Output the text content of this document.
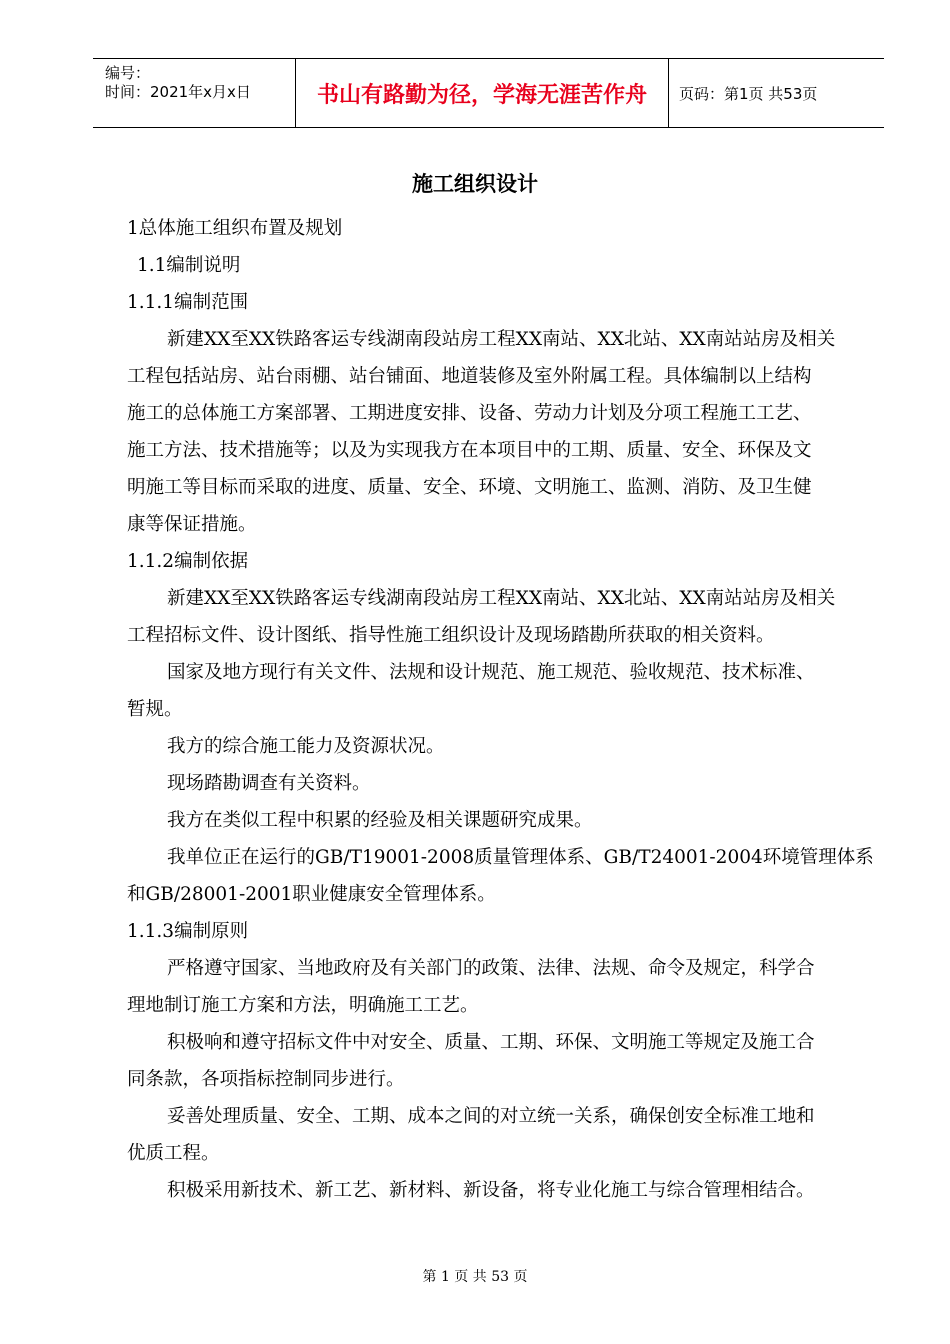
编号：
时间：2021年x月x日	书山有路勤为径，学海无涯苦作舟	页码：第1页 共53页
施工组织设计

1总体施工组织布置及规划

1.1编制说明

1.1.1编制范围

新建XX至XX铁路客运专线湖南段站房工程XX南站、XX北站、XX南站站房及相关

工程包括站房、站台雨棚、站台铺面、地道装修及室外附属工程。具体编制以上结构

施工的总体施工方案部署、工期进度安排、设备、劳动力计划及分项工程施工工艺、

施工方法、技术措施等；以及为实现我方在本项目中的工期、质量、安全、环保及文

明施工等目标而采取的进度、质量、安全、环境、文明施工、监测、消防、及卫生健

康等保证措施。

1.1.2编制依据

新建XX至XX铁路客运专线湖南段站房工程XX南站、XX北站、XX南站站房及相关

工程招标文件、设计图纸、指导性施工组织设计及现场踏勘所获取的相关资料。

国家及地方现行有关文件、法规和设计规范、施工规范、验收规范、技术标准、

暂规。

我方的综合施工能力及资源状况。

现场踏勘调查有关资料。

我方在类似工程中积累的经验及相关课题研究成果。

我单位正在运行的GB/T19001-2008质量管理体系、GB/T24001-2004环境管理体系

和GB/28001-2001职业健康安全管理体系。

1.1.3编制原则

严格遵守国家、当地政府及有关部门的政策、法律、法规、命令及规定，科学合

理地制订施工方案和方法，明确施工工艺。

积极响和遵守招标文件中对安全、质量、工期、环保、文明施工等规定及施工合

同条款，各项指标控制同步进行。

妥善处理质量、安全、工期、成本之间的对立统一关系，确保创安全标准工地和

优质工程。

积极采用新技术、新工艺、新材料、新设备，将专业化施工与综合管理相结合。

第 1 页 共 53 页
